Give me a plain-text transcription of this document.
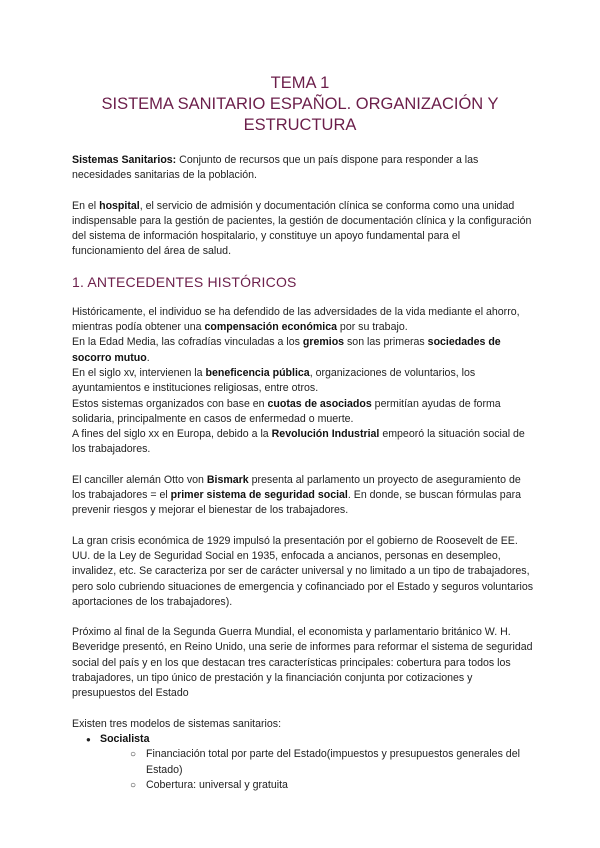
TEMA 1
SISTEMA SANITARIO ESPAÑOL. ORGANIZACIÓN Y
ESTRUCTURA

Sistemas Sanitarios: Conjunto de recursos que un país dispone para responder a las necesidades sanitarias de la población.

En el hospital, el servicio de admisión y documentación clínica se conforma como una unidad indispensable para la gestión de pacientes, la gestión de documentación clínica y la configuración del sistema de información hospitalario, y constituye un apoyo fundamental para el funcionamiento del área de salud.

1. ANTECEDENTES HISTÓRICOS

Históricamente, el individuo se ha defendido de las adversidades de la vida mediante el ahorro, mientras podía obtener una compensación económica por su trabajo.

En la Edad Media, las cofradías vinculadas a los gremios son las primeras sociedades de socorro mutuo.

En el siglo xv, intervienen la beneficencia pública, organizaciones de voluntarios, los ayuntamientos e instituciones religiosas, entre otros.

Estos sistemas organizados con base en cuotas de asociados permitían ayudas de forma solidaria, principalmente en casos de enfermedad o muerte.

A fines del siglo xx en Europa, debido a la Revolución Industrial empeoró la situación social de los trabajadores.

El canciller alemán Otto von Bismark presenta al parlamento un proyecto de aseguramiento de los trabajadores = el primer sistema de seguridad social. En donde, se buscan fórmulas para prevenir riesgos y mejorar el bienestar de los trabajadores.

La gran crisis económica de 1929 impulsó la presentación por el gobierno de Roosevelt de EE. UU. de la Ley de Seguridad Social en 1935, enfocada a ancianos, personas en desempleo, invalidez, etc. Se caracteriza por ser de carácter universal y no limitado a un tipo de trabajadores, pero solo cubriendo situaciones de emergencia y cofinanciado por el Estado y seguros voluntarios aportaciones de los trabajadores).

Próximo al final de la Segunda Guerra Mundial, el economista y parlamentario británico W. H. Beveridge presentó, en Reino Unido, una serie de informes para reformar el sistema de seguridad social del país y en los que destacan tres características principales: cobertura para todos los trabajadores, un tipo único de prestación y la financiación conjunta por cotizaciones y presupuestos del Estado

Existen tres modelos de sistemas sanitarios:

● Socialista
○ Financiación total por parte del Estado(impuestos y presupuestos generales del Estado)
○ Cobertura: universal y gratuita
